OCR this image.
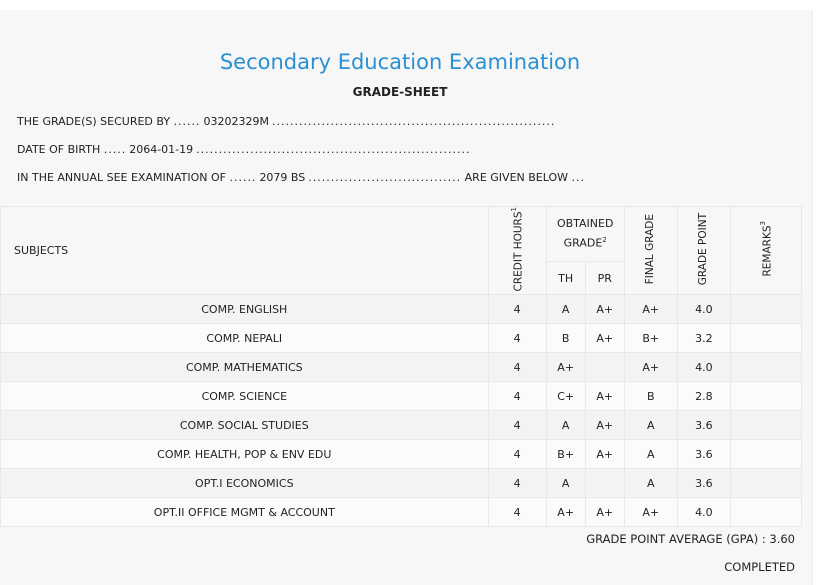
Secondary Education Examination
GRADE-SHEET
THE GRADE(S) SECURED BY ...... 03202329M ...............................................................
DATE OF BIRTH ..... 2064-01-19 .............................................................
IN THE ANNUAL SEE EXAMINATION OF ...... 2079 BS .................................. ARE GIVEN BELOW ...
SUBJECTS	CREDIT HOURS$^1$	OBTAINED GRADE$^2$		FINAL GRADE	GRADE POINT	REMARKS$^3$
		TH	PR			
COMP. ENGLISH	4	A	A+	A+	4.0	
COMP. NEPALI	4	B	A+	B+	3.2	
COMP. MATHEMATICS	4	A+		A+	4.0	
COMP. SCIENCE	4	C+	A+	B	2.8	
COMP. SOCIAL STUDIES	4	A	A+	A	3.6	
COMP. HEALTH, POP & ENV EDU	4	B+	A+	A	3.6	
OPT.I ECONOMICS	4	A		A	3.6	
OPT.II OFFICE MGMT & ACCOUNT	4	A+	A+	A+	4.0	
GRADE POINT AVERAGE (GPA) : 3.60
COMPLETED
